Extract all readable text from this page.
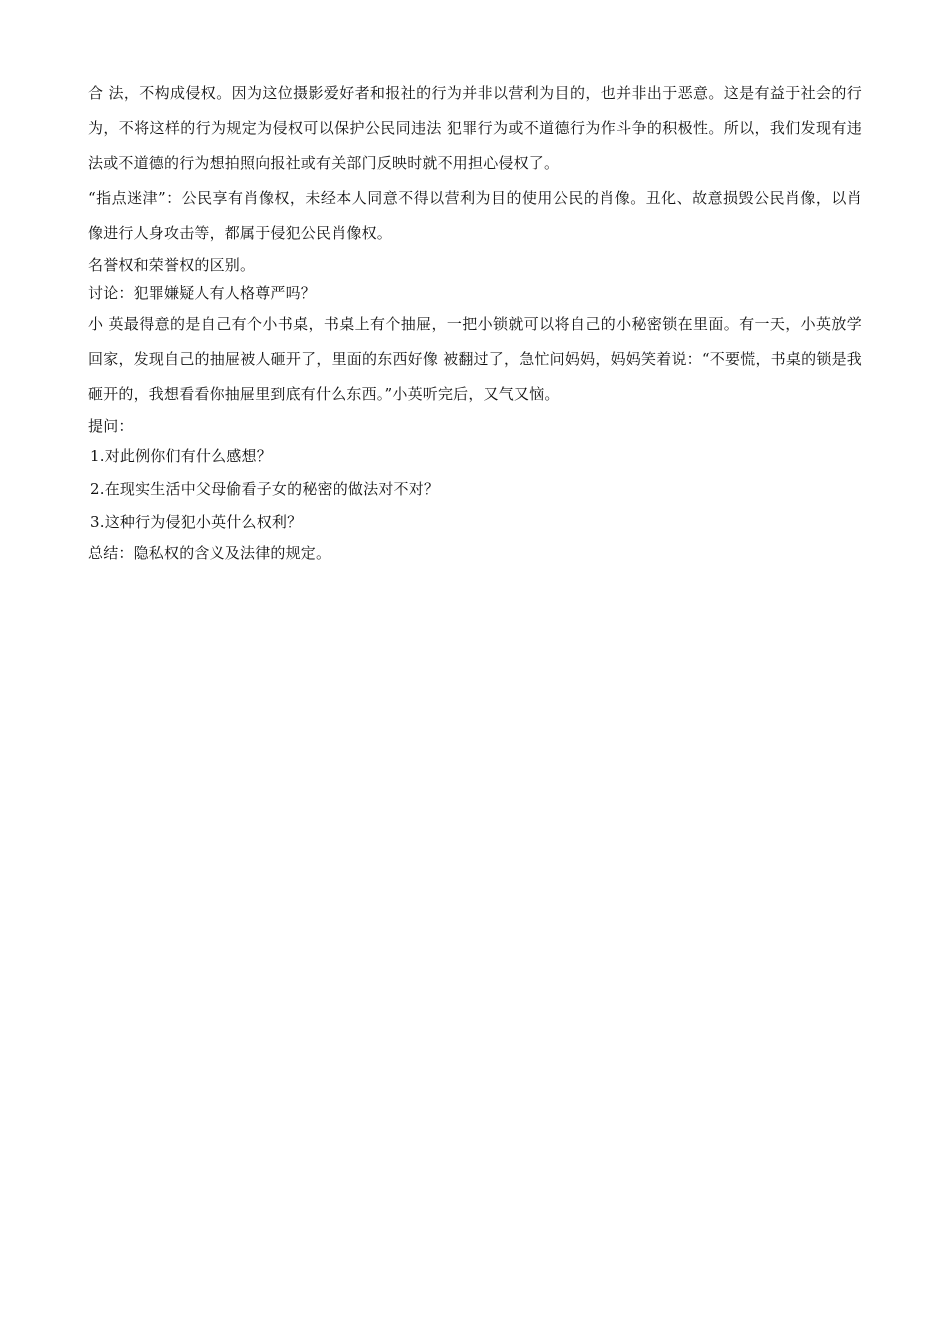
合 法，不构成侵权。因为这位摄影爱好者和报社的行为并非以营利为目的，也并非出于恶意。这是有益于社会的行为，不将这样的行为规定为侵权可以保护公民同违法 犯罪行为或不道德行为作斗争的积极性。所以，我们发现有违法或不道德的行为想拍照向报社或有关部门反映时就不用担心侵权了。

“指点迷津”：公民享有肖像权，未经本人同意不得以营利为目的使用公民的肖像。丑化、故意损毁公民肖像，以肖像进行人身攻击等，都属于侵犯公民肖像权。

名誉权和荣誉权的区别。

讨论：犯罪嫌疑人有人格尊严吗？

小 英最得意的是自己有个小书桌，书桌上有个抽屉，一把小锁就可以将自己的小秘密锁在里面。有一天，小英放学回家，发现自己的抽屉被人砸开了，里面的东西好像 被翻过了，急忙问妈妈，妈妈笑着说：“不要慌，书桌的锁是我砸开的，我想看看你抽屉里到底有什么东西。”小英听完后，又气又恼。

提问：

1.对此例你们有什么感想？

2.在现实生活中父母偷看子女的秘密的做法对不对？

3.这种行为侵犯小英什么权利？

总结：隐私权的含义及法律的规定。
